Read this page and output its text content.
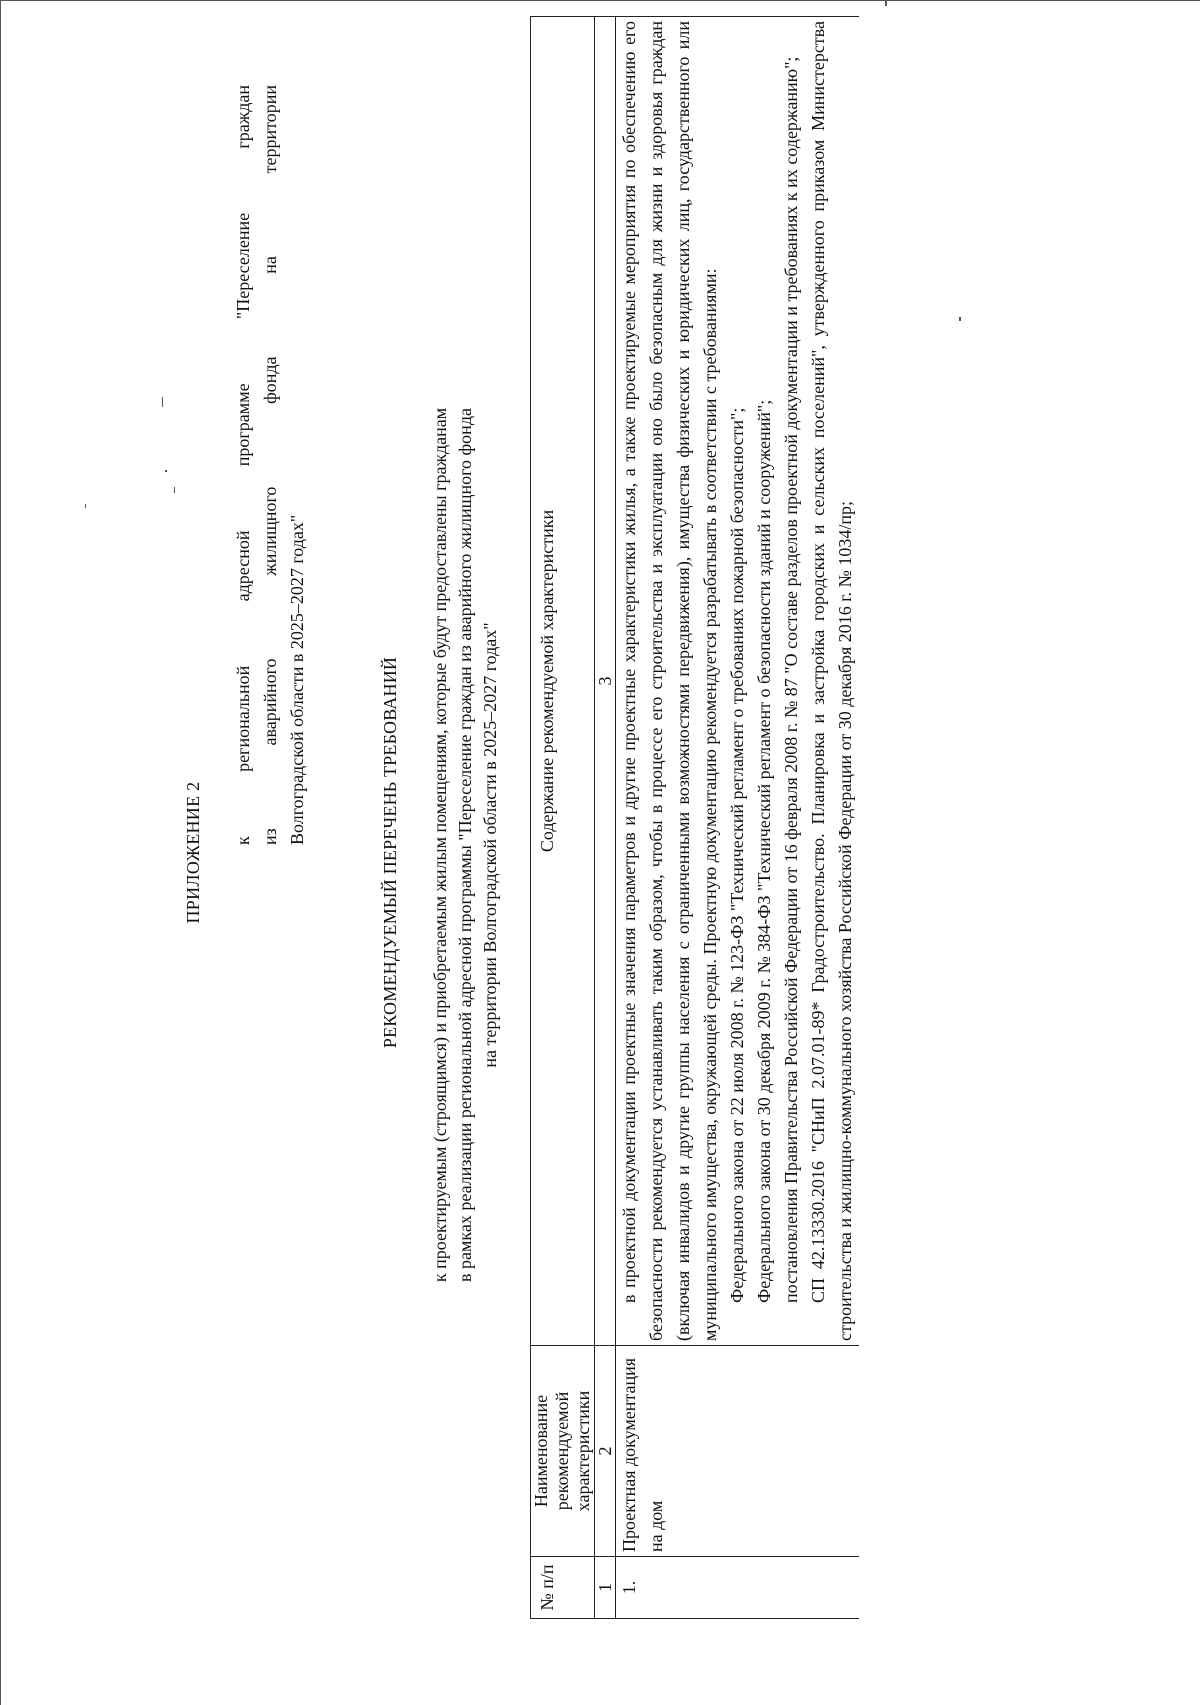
ПРИЛОЖЕНИЕ 2
к региональной адресной программе "Переселение граждан из аварийного жилищного фонда на территории Волгоградской области в 2025–2027 годах"	РЕКОМЕНДУЕМЫЙ ПЕРЕЧЕНЬ ТРЕБОВАНИЙ к проектируемым (строящимся) и приобретаемым жилым помещениям, которые будут предоставлены гражданам в рамках реализации региональной адресной программы "Переселение граждан из аварийного жилищного фонда на территории Волгоградской области в 2025–2027 годах"
№ п/п	Наименование рекомендуемой характеристики	Содержание рекомендуемой характеристики
1	2	3
1.	Проектная документация на дом	в проектной документации проектные значения параметров и другие проектные характеристики жилья, а также проектируемые мероприятия по обеспечению его безопасности рекомендуется устанавливать таким образом, чтобы в процессе его строительства и эксплуатации оно было безопасным для жизни и здоровья граждан (включая инвалидов и другие группы населения с ограниченными возможностями передвижения), имущества физических и юридических лиц, государственного или муниципального имущества, окружающей среды. Проектную документацию рекомендуется разрабатывать в соответствии с требованиями: Федерального закона от 22 июля 2008 г. № 123-ФЗ "Технический регламент о требованиях пожарной безопасности"; Федерального закона от 30 декабря 2009 г. № 384-ФЗ "Технический регламент о безопасности зданий и сооружений"; постановления Правительства Российской Федерации от 16 февраля 2008 г. № 87 "О составе разделов проектной документации и требованиях к их содержанию"; СП 42.13330.2016 "СНиП 2.07.01-89* Градостроительство. Планировка и застройка городских и сельских поселений", утвержденного приказом Министерства строительства и жилищно-коммунального хозяйства Российской Федерации от 30 декабря 2016 г. № 1034/пр;
